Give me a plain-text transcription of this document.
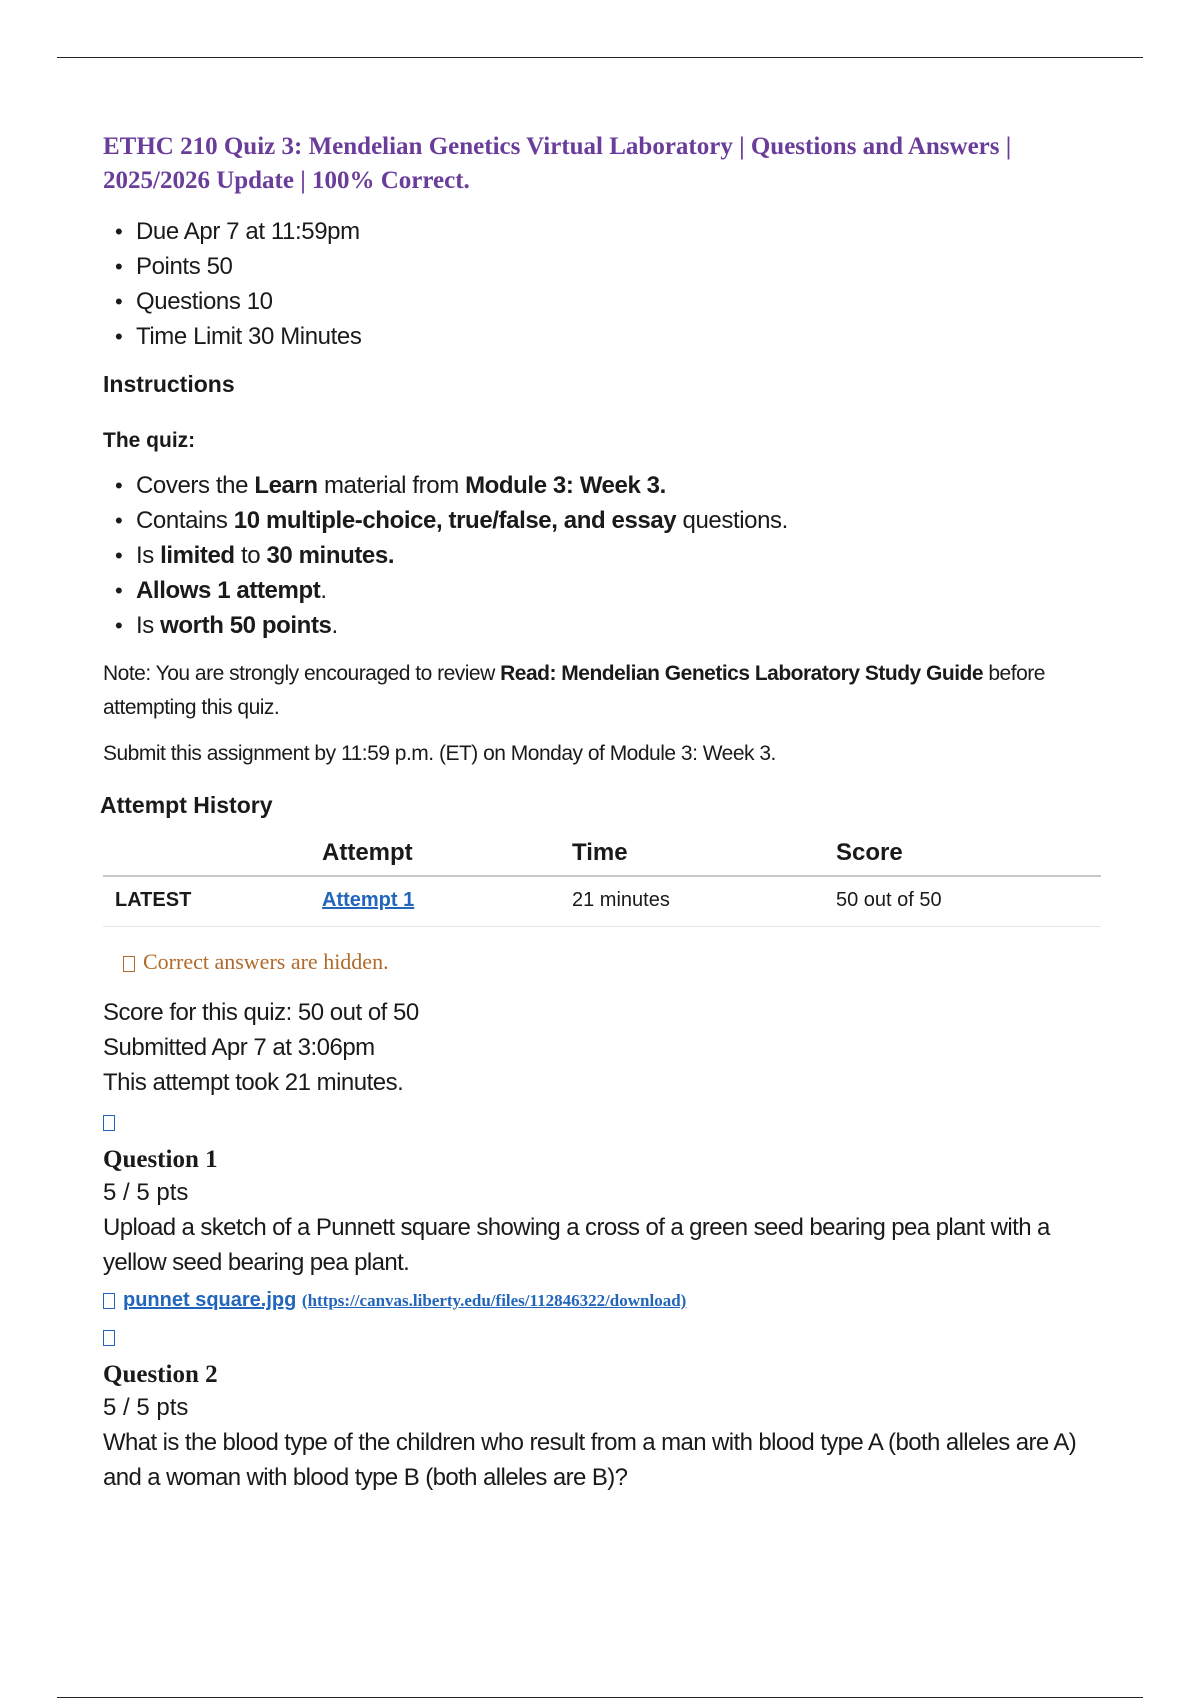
ETHC 210 Quiz 3: Mendelian Genetics Virtual Laboratory | Questions and Answers | 2025/2026 Update | 100% Correct.
• Due Apr 7 at 11:59pm
• Points 50
• Questions 10
• Time Limit 30 Minutes
Instructions
The quiz:
• Covers the Learn material from Module 3: Week 3.
• Contains 10 multiple-choice, true/false, and essay questions.
• Is limited to 30 minutes.
• Allows 1 attempt.
• Is worth 50 points.

Note: You are strongly encouraged to review Read: Mendelian Genetics Laboratory Study Guide before attempting this quiz.

Submit this assignment by 11:59 p.m. (ET) on Monday of Module 3: Week 3.

Attempt History
	Attempt	Time	Score
LATEST	Attempt 1	21 minutes	50 out of 50
Correct answers are hidden.
Score for this quiz: 50 out of 50
Submitted Apr 7 at 3:06pm
This attempt took 21 minutes.
Question 1
5 / 5 pts
Upload a sketch of a Punnett square showing a cross of a green seed bearing pea plant with a yellow seed bearing pea plant.
punnet square.jpg (https://canvas.liberty.edu/files/112846322/download)
Question 2
5 / 5 pts
What is the blood type of the children who result from a man with blood type A (both alleles are A) and a woman with blood type B (both alleles are B)?
